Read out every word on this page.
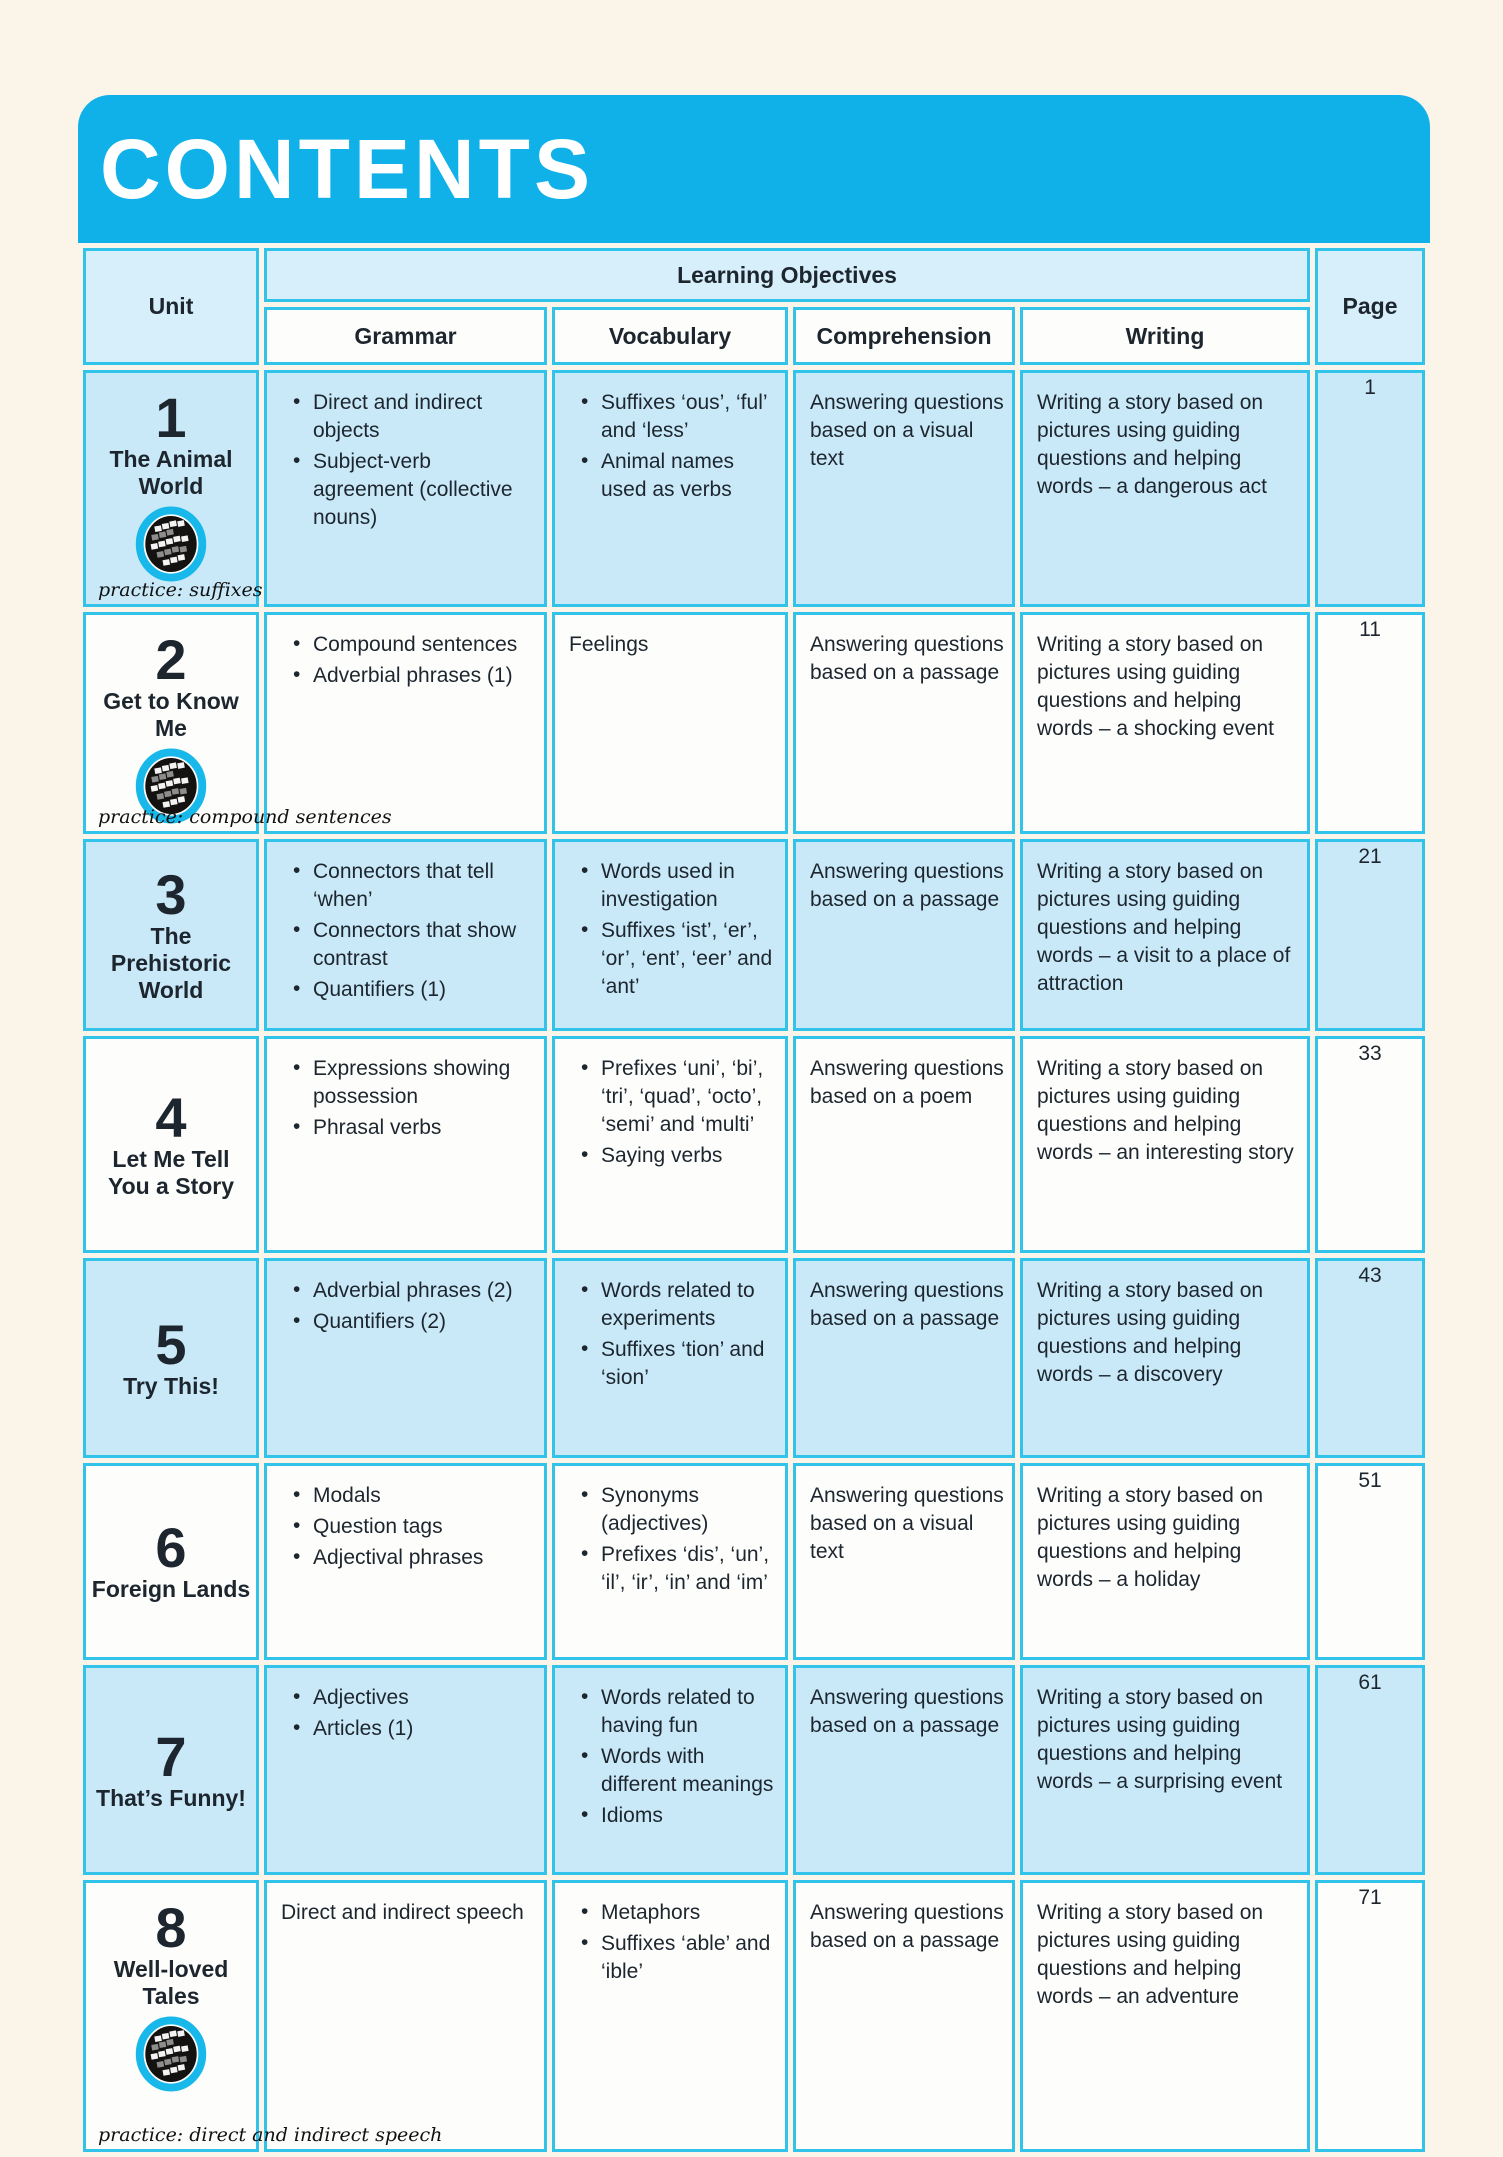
CONTENTS
Unit	Learning Objectives				Page
	Grammar	Vocabulary	Comprehension	Writing	

1
The Animal World
practice: suffixes

• Direct and indirect objects
• Subject-verb agreement (collective nouns)

• Suffixes ‘ous’, ‘ful’ and ‘less’
• Animal names used as verbs

Answering questions based on a visual text

Writing a story based on pictures using guiding questions and helping words – a dangerous act
	1

2
Get to Know Me
practice: compound sentences

• Compound sentences
• Adverbial phrases (1)

Feelings	Answering questions based on a passage

Writing a story based on pictures using guiding questions and helping words – a shocking event
	11

3
The Prehistoric World

• Connectors that tell ‘when’
• Connectors that show contrast
• Quantifiers (1)

• Words used in investigation
• Suffixes ‘ist’, ‘er’, ‘or’, ‘ent’, ‘eer’ and ‘ant’

Answering questions based on a passage

Writing a story based on pictures using guiding questions and helping words – a visit to a place of attraction
	21

4
Let Me Tell You a Story

• Expressions showing possession
• Phrasal verbs

• Prefixes ‘uni’, ‘bi’, ‘tri’, ‘quad’, ‘octo’, ‘semi’ and ‘multi’
• Saying verbs

Answering questions based on a poem

Writing a story based on pictures using guiding questions and helping words – an interesting story
	33

5
Try This!

• Adverbial phrases (2)
• Quantifiers (2)

• Words related to experiments
• Suffixes ‘tion’ and ‘sion’

Answering questions based on a passage

Writing a story based on pictures using guiding questions and helping words – a discovery
	43

6
Foreign Lands

• Modals
• Question tags
• Adjectival phrases

• Synonyms (adjectives)
• Prefixes ‘dis’, ‘un’, ‘il’, ‘ir’, ‘in’ and ‘im’

Answering questions based on a visual text

Writing a story based on pictures using guiding questions and helping words – a holiday
	51

7
That’s Funny!

• Adjectives
• Articles (1)

• Words related to having fun
• Words with different meanings
• Idioms

Answering questions based on a passage

Writing a story based on pictures using guiding questions and helping words – a surprising event
	61

8
Well-loved Tales
practice: direct and indirect speech

Direct and indirect speech

•Metaphors
• Suffixes ‘able’ and ‘ible’

Answering questions based on a passage

Writing a story based on pictures using guiding questions and helping words – an adventure
	71
